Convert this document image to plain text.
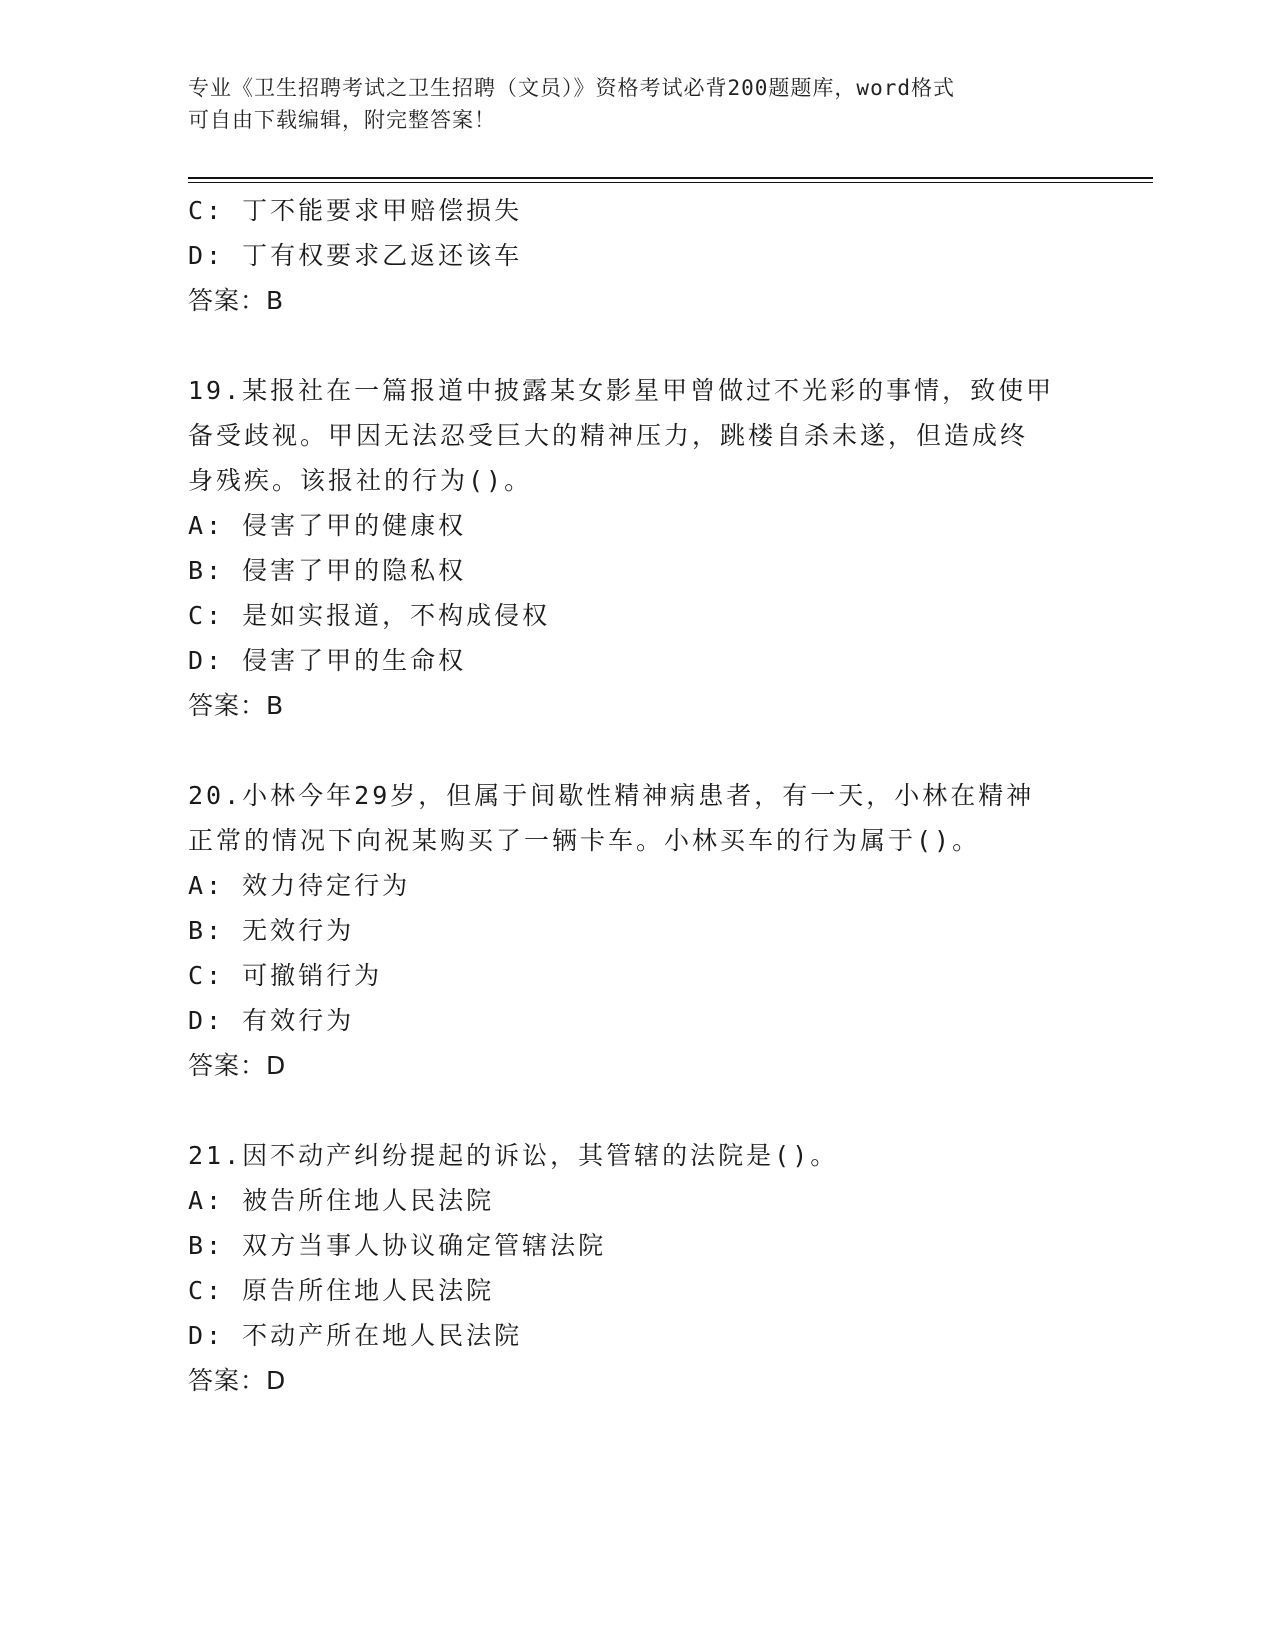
专业《卫生招聘考试之卫生招聘（文员）》资格考试必背200题题库，word格式
可自由下载编辑，附完整答案！
C: 丁不能要求甲赔偿损失
D: 丁有权要求乙返还该车
答案：B
19.某报社在一篇报道中披露某女影星甲曾做过不光彩的事情，致使甲
备受歧视。甲因无法忍受巨大的精神压力，跳楼自杀未遂，但造成终
身残疾。该报社的行为()。
A: 侵害了甲的健康权
B: 侵害了甲的隐私权
C: 是如实报道，不构成侵权
D: 侵害了甲的生命权
答案：B
20.小林今年29岁，但属于间歇性精神病患者，有一天，小林在精神
正常的情况下向祝某购买了一辆卡车。小林买车的行为属于()。
A: 效力待定行为
B: 无效行为
C: 可撤销行为
D: 有效行为
答案：D
21.因不动产纠纷提起的诉讼，其管辖的法院是()。
A: 被告所住地人民法院
B: 双方当事人协议确定管辖法院
C: 原告所住地人民法院
D: 不动产所在地人民法院
答案：D
